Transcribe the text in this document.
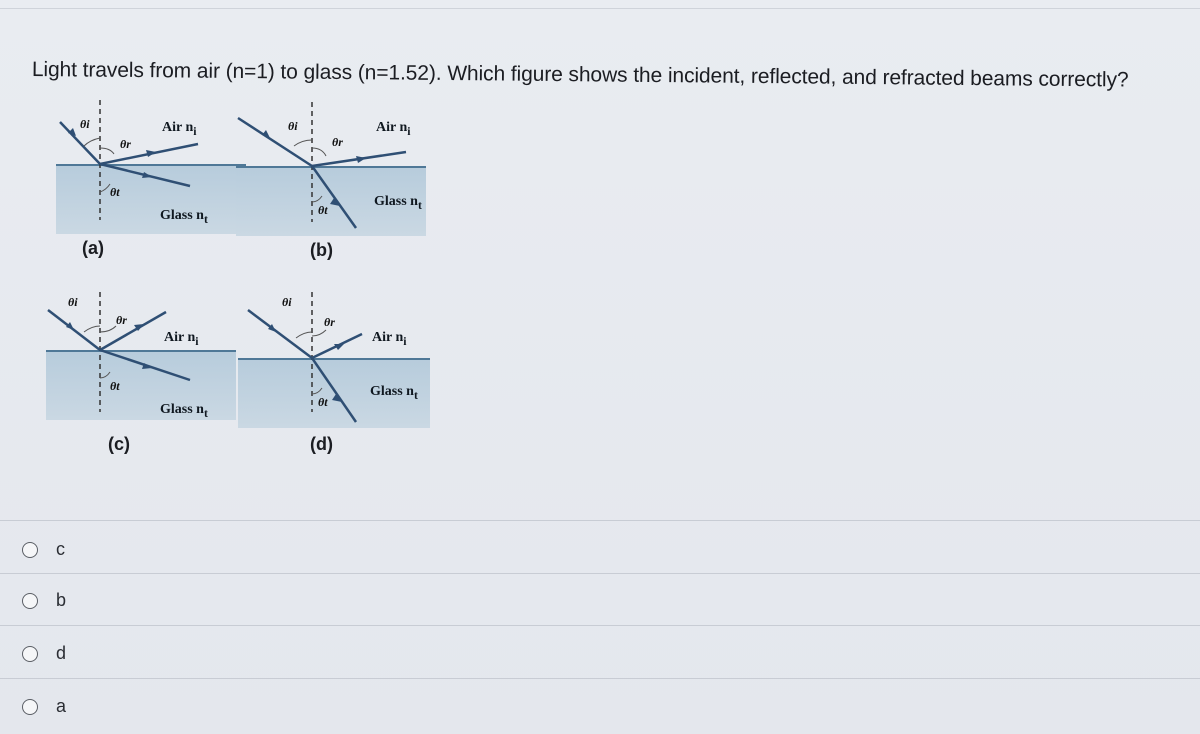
Light travels from air (n=1) to glass (n=1.52). Which figure shows the incident, reflected, and refracted beams correctly?
θi
θr
θt
Air $n_i$
Glass $n_t$
(a)
θi
θr
θt
Air $n_i$
Glass $n_t$
(b)
θi
θr
θt
Air $n_i$
Glass $n_t$
(c)
θi
θr
θt
Air $n_i$
Glass $n_t$
(d)
c
b
d
a
